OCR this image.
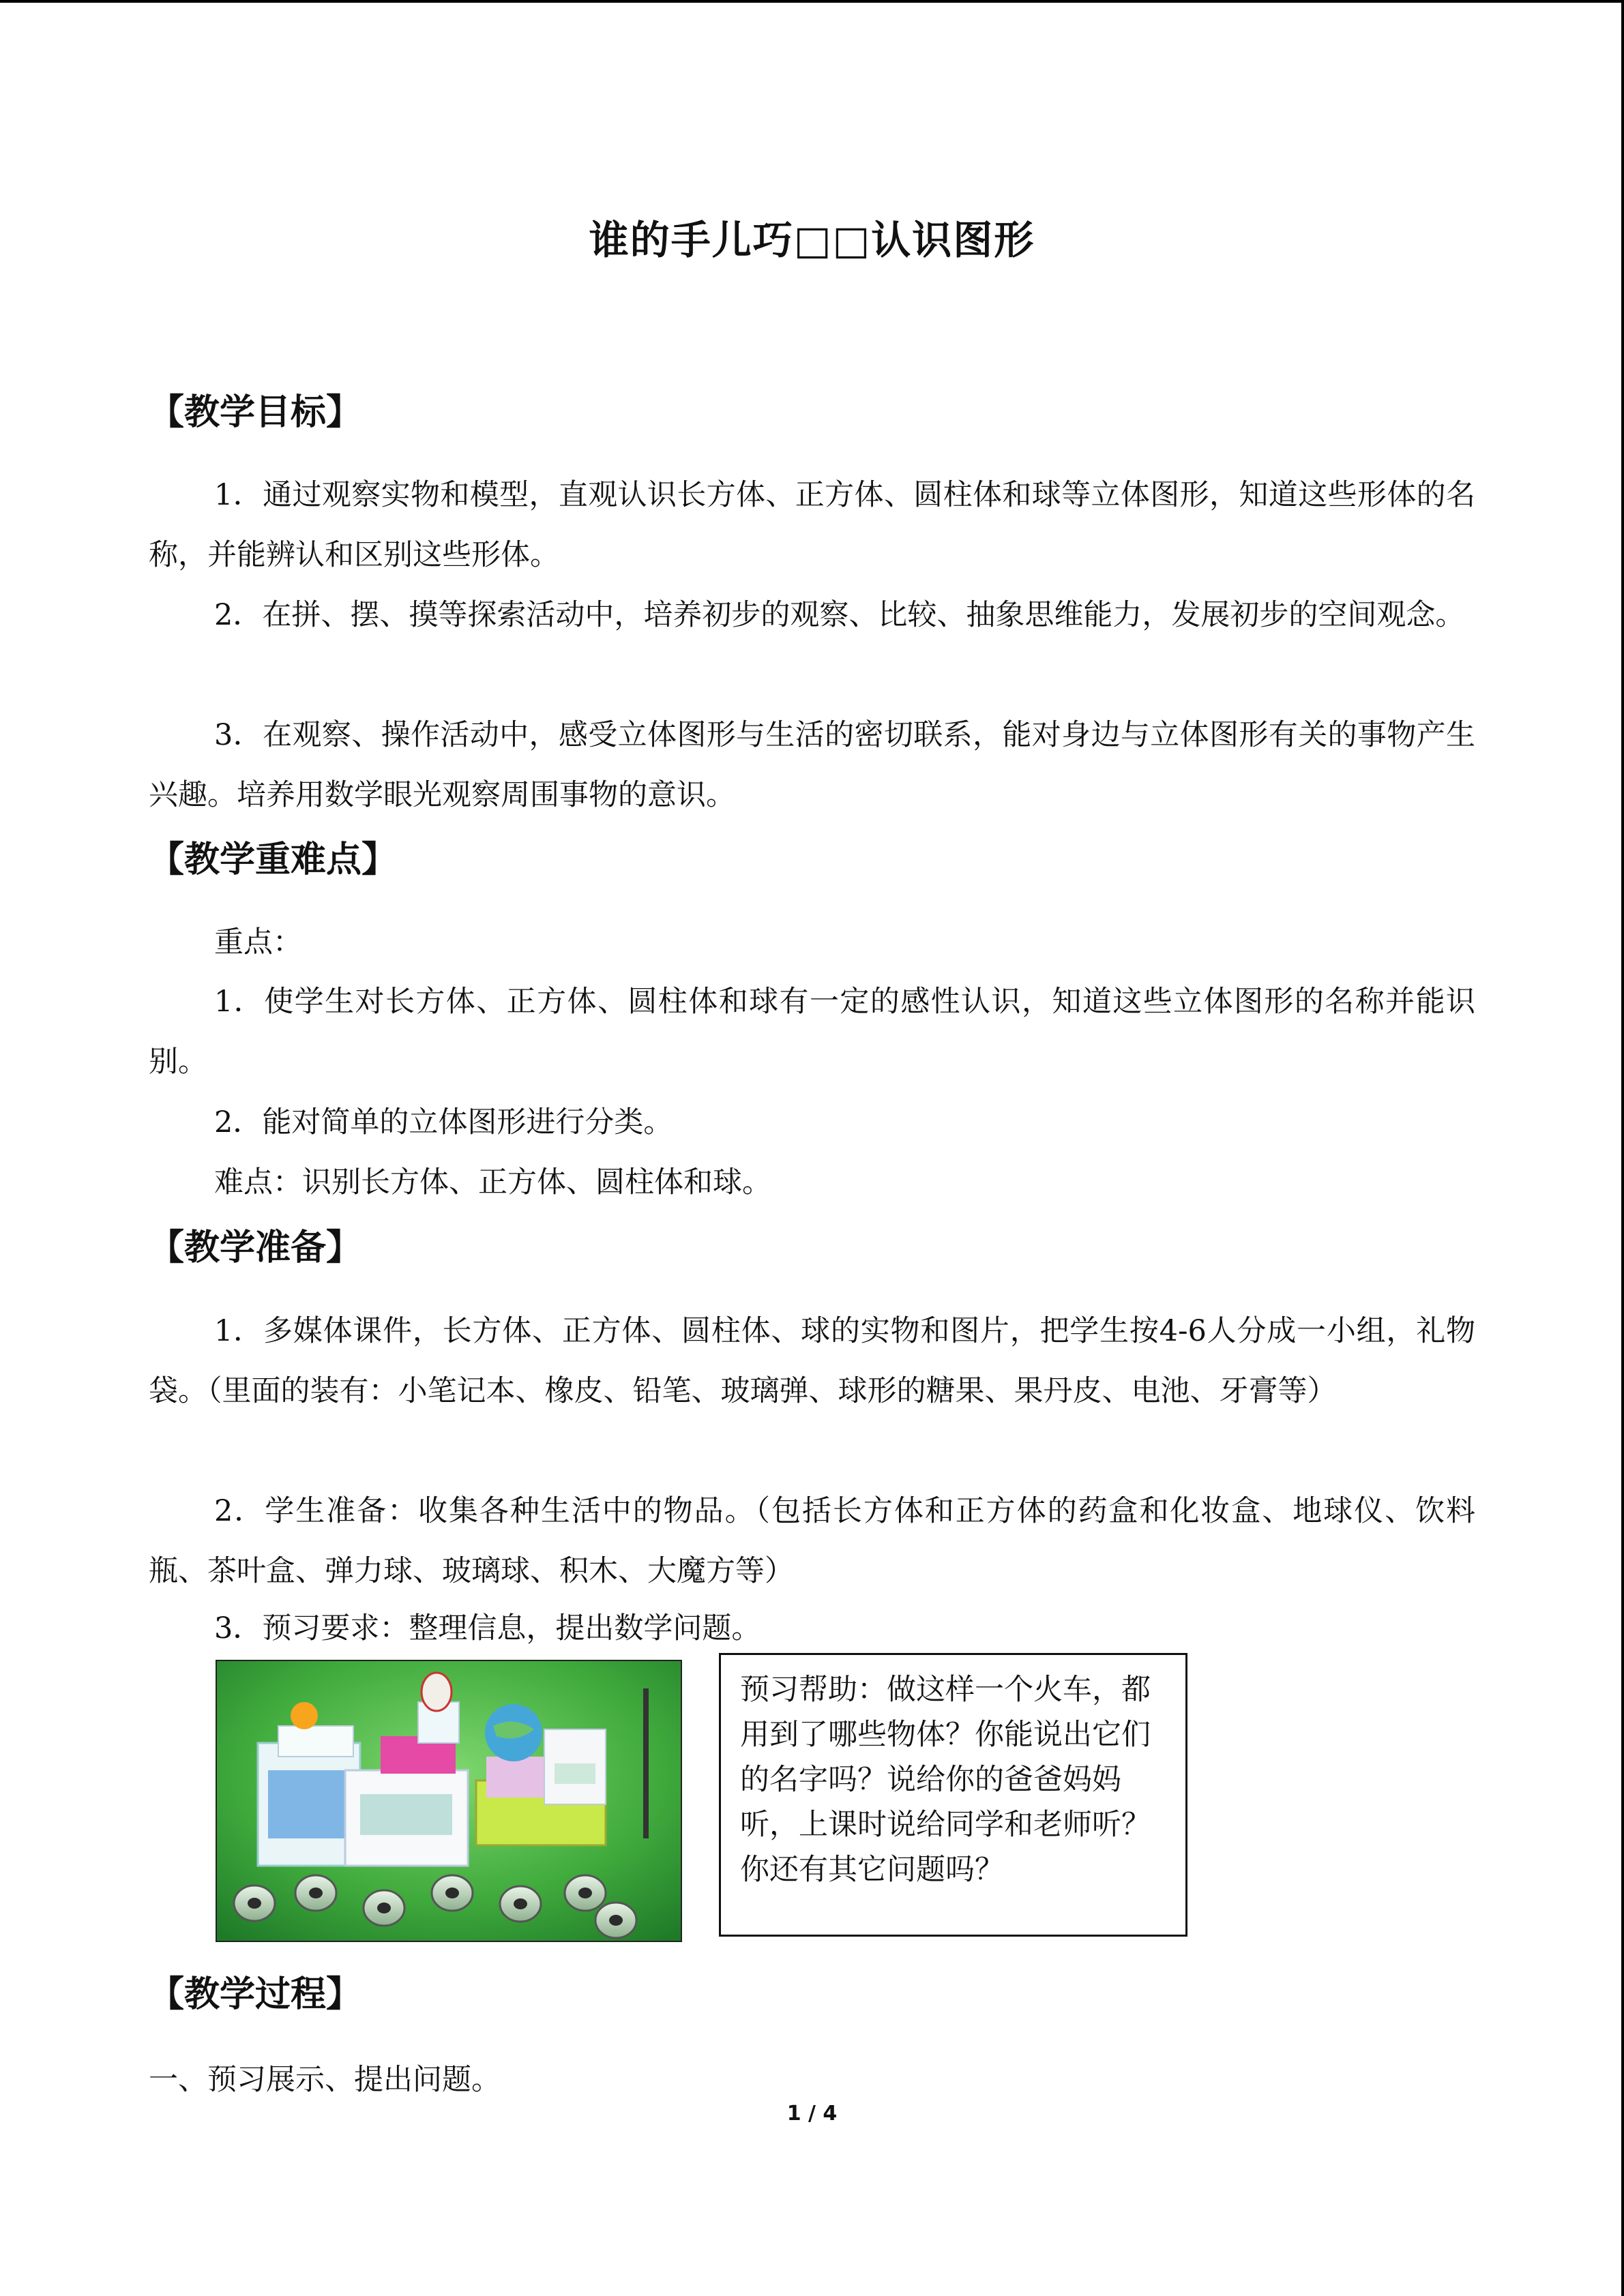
谁的手儿巧□□认识图形
【教学目标】

1．通过观察实物和模型，直观认识长方体、正方体、圆柱体和球等立体图形，知道这些形体的名称，并能辨认和区别这些形体。

2．在拼、摆、摸等探索活动中，培养初步的观察、比较、抽象思维能力，发展初步的空间观念。

3．在观察、操作活动中，感受立体图形与生活的密切联系，能对身边与立体图形有关的事物产生兴趣。培养用数学眼光观察周围事物的意识。

【教学重难点】
重点：

1．使学生对长方体、正方体、圆柱体和球有一定的感性认识，知道这些立体图形的名称并能识别。

2．能对简单的立体图形进行分类。
难点：识别长方体、正方体、圆柱体和球。
【教学准备】

1．多媒体课件，长方体、正方体、圆柱体、球的实物和图片，把学生按4-6人分成一小组，礼物袋。（里面的装有：小笔记本、橡皮、铅笔、玻璃弹、球形的糖果、果丹皮、电池、牙膏等）

2．学生准备：收集各种生活中的物品。（包括长方体和正方体的药盒和化妆盒、地球仪、饮料瓶、茶叶盒、弹力球、玻璃球、积木、大魔方等）

3．预习要求：整理信息，提出数学问题。
预习帮助：做这样一个火车，都用到了哪些物体？你能说出它们的名字吗？说给你的爸爸妈妈听，上课时说给同学和老师听？你还有其它问题吗？
【教学过程】
一、预习展示、提出问题。
1 / 4
